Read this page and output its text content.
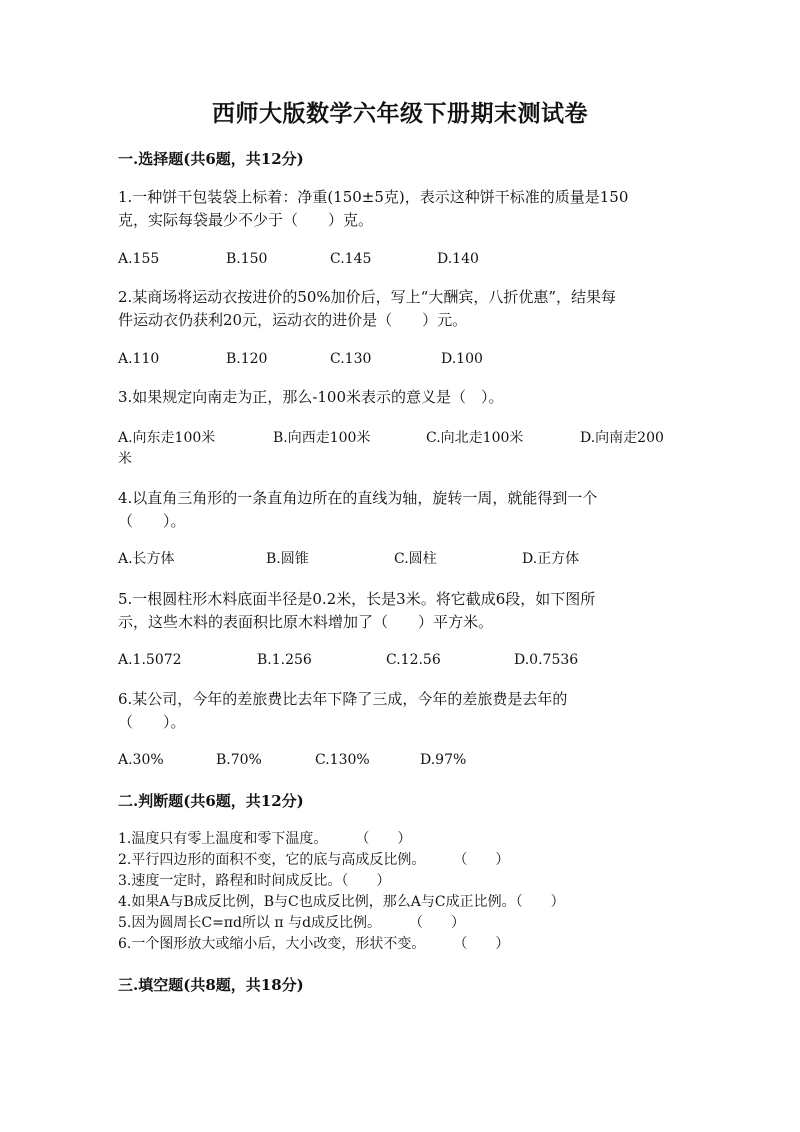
西师大版数学六年级下册期末测试卷
一.选择题(共6题，共12分)
1.一种饼干包装袋上标着：净重(150±5克)，表示这种饼干标准的质量是150
克，实际每袋最少不少于（　　）克。
A.155	B.150	C.145	D.140
2.某商场将运动衣按进价的50%加价后，写上“大酬宾，八折优惠”，结果每
件运动衣仍获利20元，运动衣的进价是（　　）元。
A.110	B.120	C.130	D.100
3.如果规定向南走为正，那么-100米表示的意义是（　）。
A.向东走100米	B.向西走100米	C.向北走100米	D.向南走200
米
4.以直角三角形的一条直角边所在的直线为轴，旋转一周，就能得到一个
（　　）。
A.长方体	B.圆锥	C.圆柱	D.正方体
5.一根圆柱形木料底面半径是0.2米，长是3米。将它截成6段，如下图所
示，这些木料的表面积比原木料增加了（　　）平方米。
A.1.5072	B.1.256	C.12.56	D.0.7536
6.某公司，今年的差旅费比去年下降了三成，今年的差旅费是去年的
（　　）。
A.30%	B.70%	C.130%	D.97%
二.判断题(共6题，共12分)
1.温度只有零上温度和零下温度。　　　（　　）
2.平行四边形的面积不变，它的底与高成反比例。　　　（　　）
3.速度一定时，路程和时间成反比。（　　）
4.如果A与B成反比例，B与C也成反比例，那么A与C成正比例。（　　）
5.因为圆周长C=πd所以 π 与d成反比例。　　　（　　）
6.一个图形放大或缩小后，大小改变，形状不变。　　　（　　）
三.填空题(共8题，共18分)
